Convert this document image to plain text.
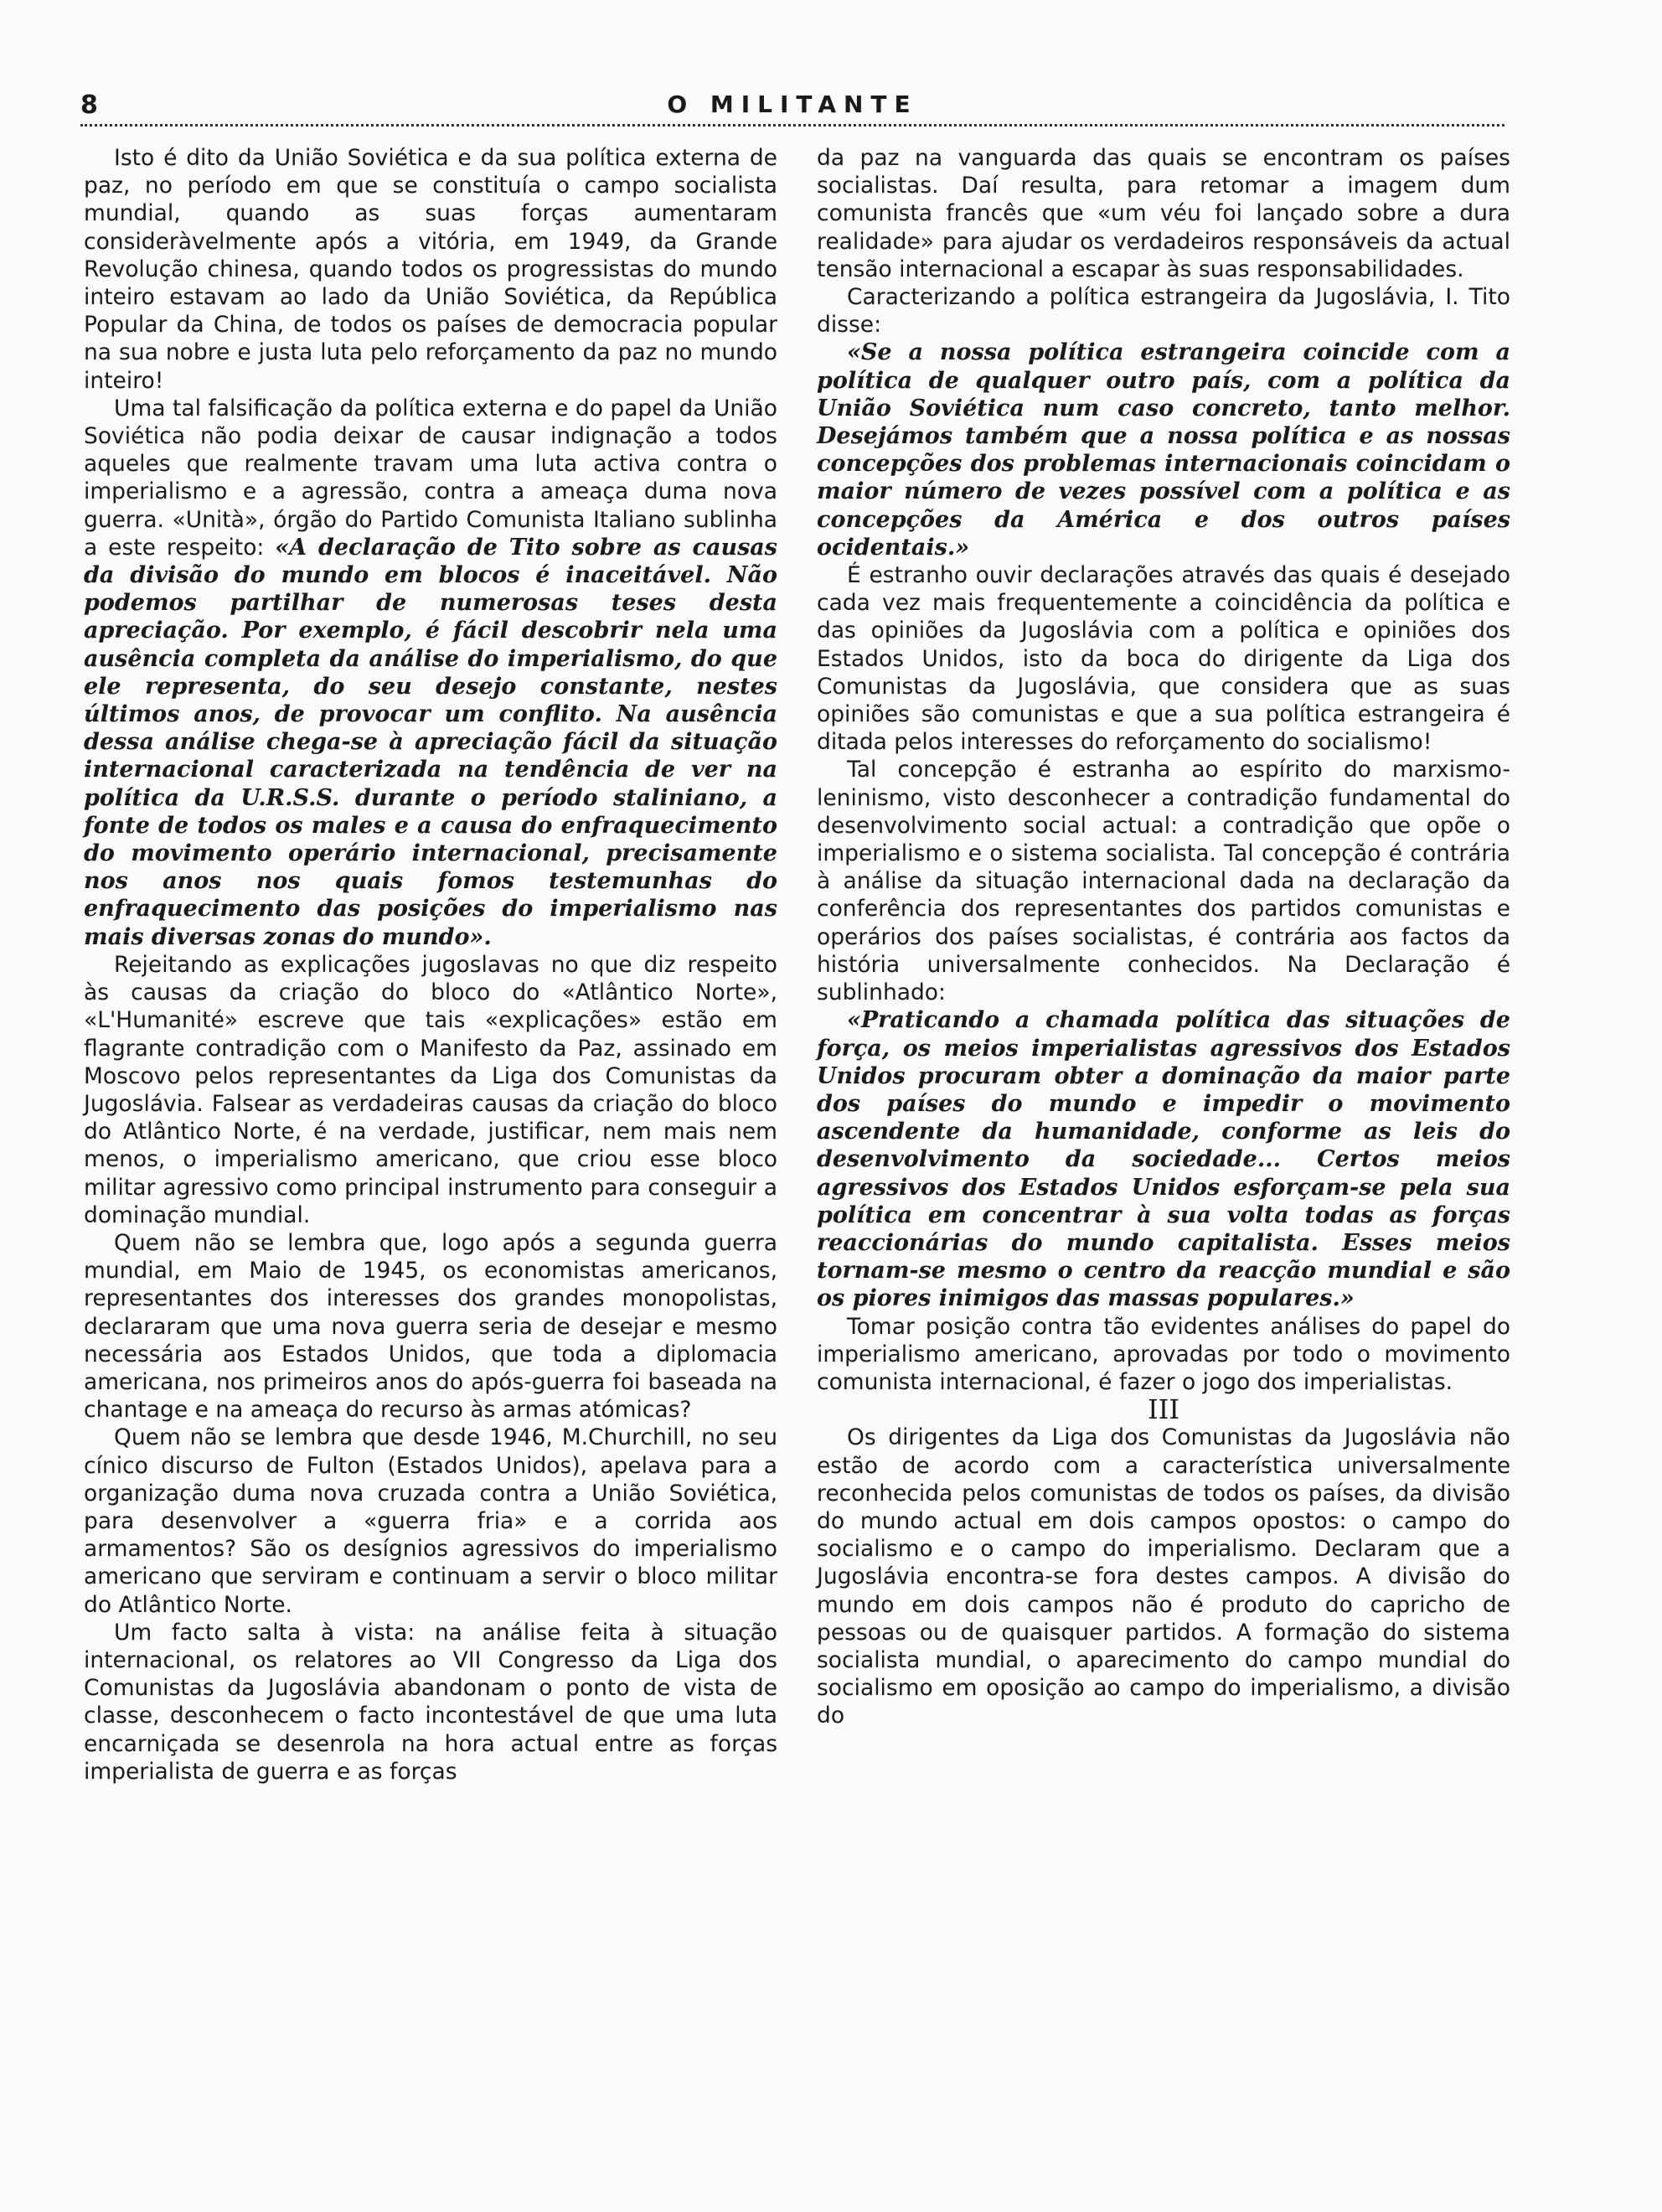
8	O MILITANTE

Isto é dito da União Soviética e da sua política externa de paz, no período em que se constituía o campo socialista mundial, quando as suas forças aumentaram consideràvelmente após a vitória, em 1949, da Grande Revolução chinesa, quando todos os progressistas do mundo inteiro estavam ao lado da União Soviética, da República Popular da China, de todos os países de democracia popular na sua nobre e justa luta pelo reforçamento da paz no mundo inteiro!

Uma tal falsificação da política externa e do papel da União Soviética não podia deixar de causar indignação a todos aqueles que realmente travam uma luta activa contra o imperialismo e a agressão, contra a ameaça duma nova guerra. «Unità», órgão do Partido Comunista Italiano sublinha a este respeito: «A declaração de Tito sobre as causas da divisão do mundo em blocos é inaceitável. Não podemos partilhar de numerosas teses desta apreciação. Por exemplo, é fácil descobrir nela uma ausência completa da análise do imperialismo, do que ele representa, do seu desejo constante, nestes últimos anos, de provocar um conflito. Na ausência dessa análise chega-se à apreciação fácil da situação internacional caracterizada na tendência de ver na política da U.R.S.S. durante o período stalinianο, a fonte de todos os males e a causa do enfraquecimento do movimento operário internacional, precisamente nos anos nos quais fomos testemunhas do enfraquecimento das posições do imperialismo nas mais diversas zonas do mundo».

Rejeitando as explicações jugoslavas no que diz respeito às causas da criação do bloco do «Atlântico Norte», «L'Humanité» escreve que tais «explicações» estão em flagrante contradição com o Manifesto da Paz, assinado em Moscovo pelos representantes da Liga dos Comunistas da Jugoslávia. Falsear as verdadeiras causas da criação do bloco do Atlântico Norte, é na verdade, justificar, nem mais nem menos, o imperialismo americano, que criou esse bloco militar agressivo como principal instrumento para conseguir a dominação mundial.

Quem não se lembra que, logo após a segunda guerra mundial, em Maio de 1945, os economistas americanos, representantes dos interesses dos grandes monopolistas, declararam que uma nova guerra seria de desejar e mesmo necessária aos Estados Unidos, que toda a diplomacia americana, nos primeiros anos do após-guerra foi baseada na chantage e na ameaça do recurso às armas atómicas?

Quem não se lembra que desde 1946, M.Churchill, no seu cínico discurso de Fulton (Estados Unidos), apelava para a organização duma nova cruzada contra a União Soviética, para desenvolver a «guerra fria» e a corrida aos armamentos? São os desígnios agressivos do imperialismo americano que serviram e continuam a servir o bloco militar do Atlântico Norte.

Um facto salta à vista: na análise feita à situação internacional, os relatores ao VII Congresso da Liga dos Comunistas da Jugoslávia abandonam o ponto de vista de classe, desconhecem o facto incontestável de que uma luta encarniçada se desenrola na hora actual entre as forças imperialista de guerra e as forças

da paz na vanguarda das quais se encontram os países socialistas. Daí resulta, para retomar a imagem dum comunista francês que «um véu foi lançado sobre a dura realidade» para ajudar os verdadeiros responsáveis da actual tensão internacional a escapar às suas responsabilidades.

Caracterizando a política estrangeira da Jugoslávia, I. Tito disse:

«Se a nossa política estrangeira coincide com a política de qualquer outro país, com a política da União Soviética num caso concreto, tanto melhor. Desejámos também que a nossa política e as nossas concepções dos problemas internacionais coincidam o maior número de vezes possível com a política e as concepções da América e dos outros países ocidentais.»

É estranho ouvir declarações através das quais é desejado cada vez mais frequentemente a coincidência da política e das opiniões da Jugoslávia com a política e opiniões dos Estados Unidos, isto da boca do dirigente da Liga dos Comunistas da Jugoslávia, que considera que as suas opiniões são comunistas e que a sua política estrangeira é ditada pelos interesses do reforçamento do socialismo!

Tal concepção é estranha ao espírito do marxismo-leninismo, visto desconhecer a contradição fundamental do desenvolvimento social actual: a contradição que opõe o imperialismo e o sistema socialista. Tal concepção é contrária à análise da situação internacional dada na declaração da conferência dos representantes dos partidos comunistas e operários dos países socialistas, é contrária aos factos da história universalmente conhecidos. Na Declaração é sublinhado:

«Praticando a chamada política das situações de força, os meios imperialistas agressivos dos Estados Unidos procuram obter a dominação da maior parte dos países do mundo e impedir o movimento ascendente da humanidade, conforme as leis do desenvolvimento da sociedade... Certos meios agressivos dos Estados Unidos esforçam-se pela sua política em concentrar à sua volta todas as forças reaccionárias do mundo capitalista. Esses meios tornam-se mesmo o centro da reacção mundial e são os piores inimigos das massas populares.»

Tomar posição contra tão evidentes análises do papel do imperialismo americano, aprovadas por todo o movimento comunista internacional, é fazer o jogo dos imperialistas.

III

Os dirigentes da Liga dos Comunistas da Jugoslávia não estão de acordo com a característica universalmente reconhecida pelos comunistas de todos os países, da divisão do mundo actual em dois campos opostos: o campo do socialismo e o campo do imperialismo. Declaram que a Jugoslávia encontra-se fora destes campos. A divisão do mundo em dois campos não é produto do capricho de pessoas ou de quaisquer partidos. A formação do sistema socialista mundial, o aparecimento do campo mundial do socialismo em oposição ao campo do imperialismo, a divisão do
